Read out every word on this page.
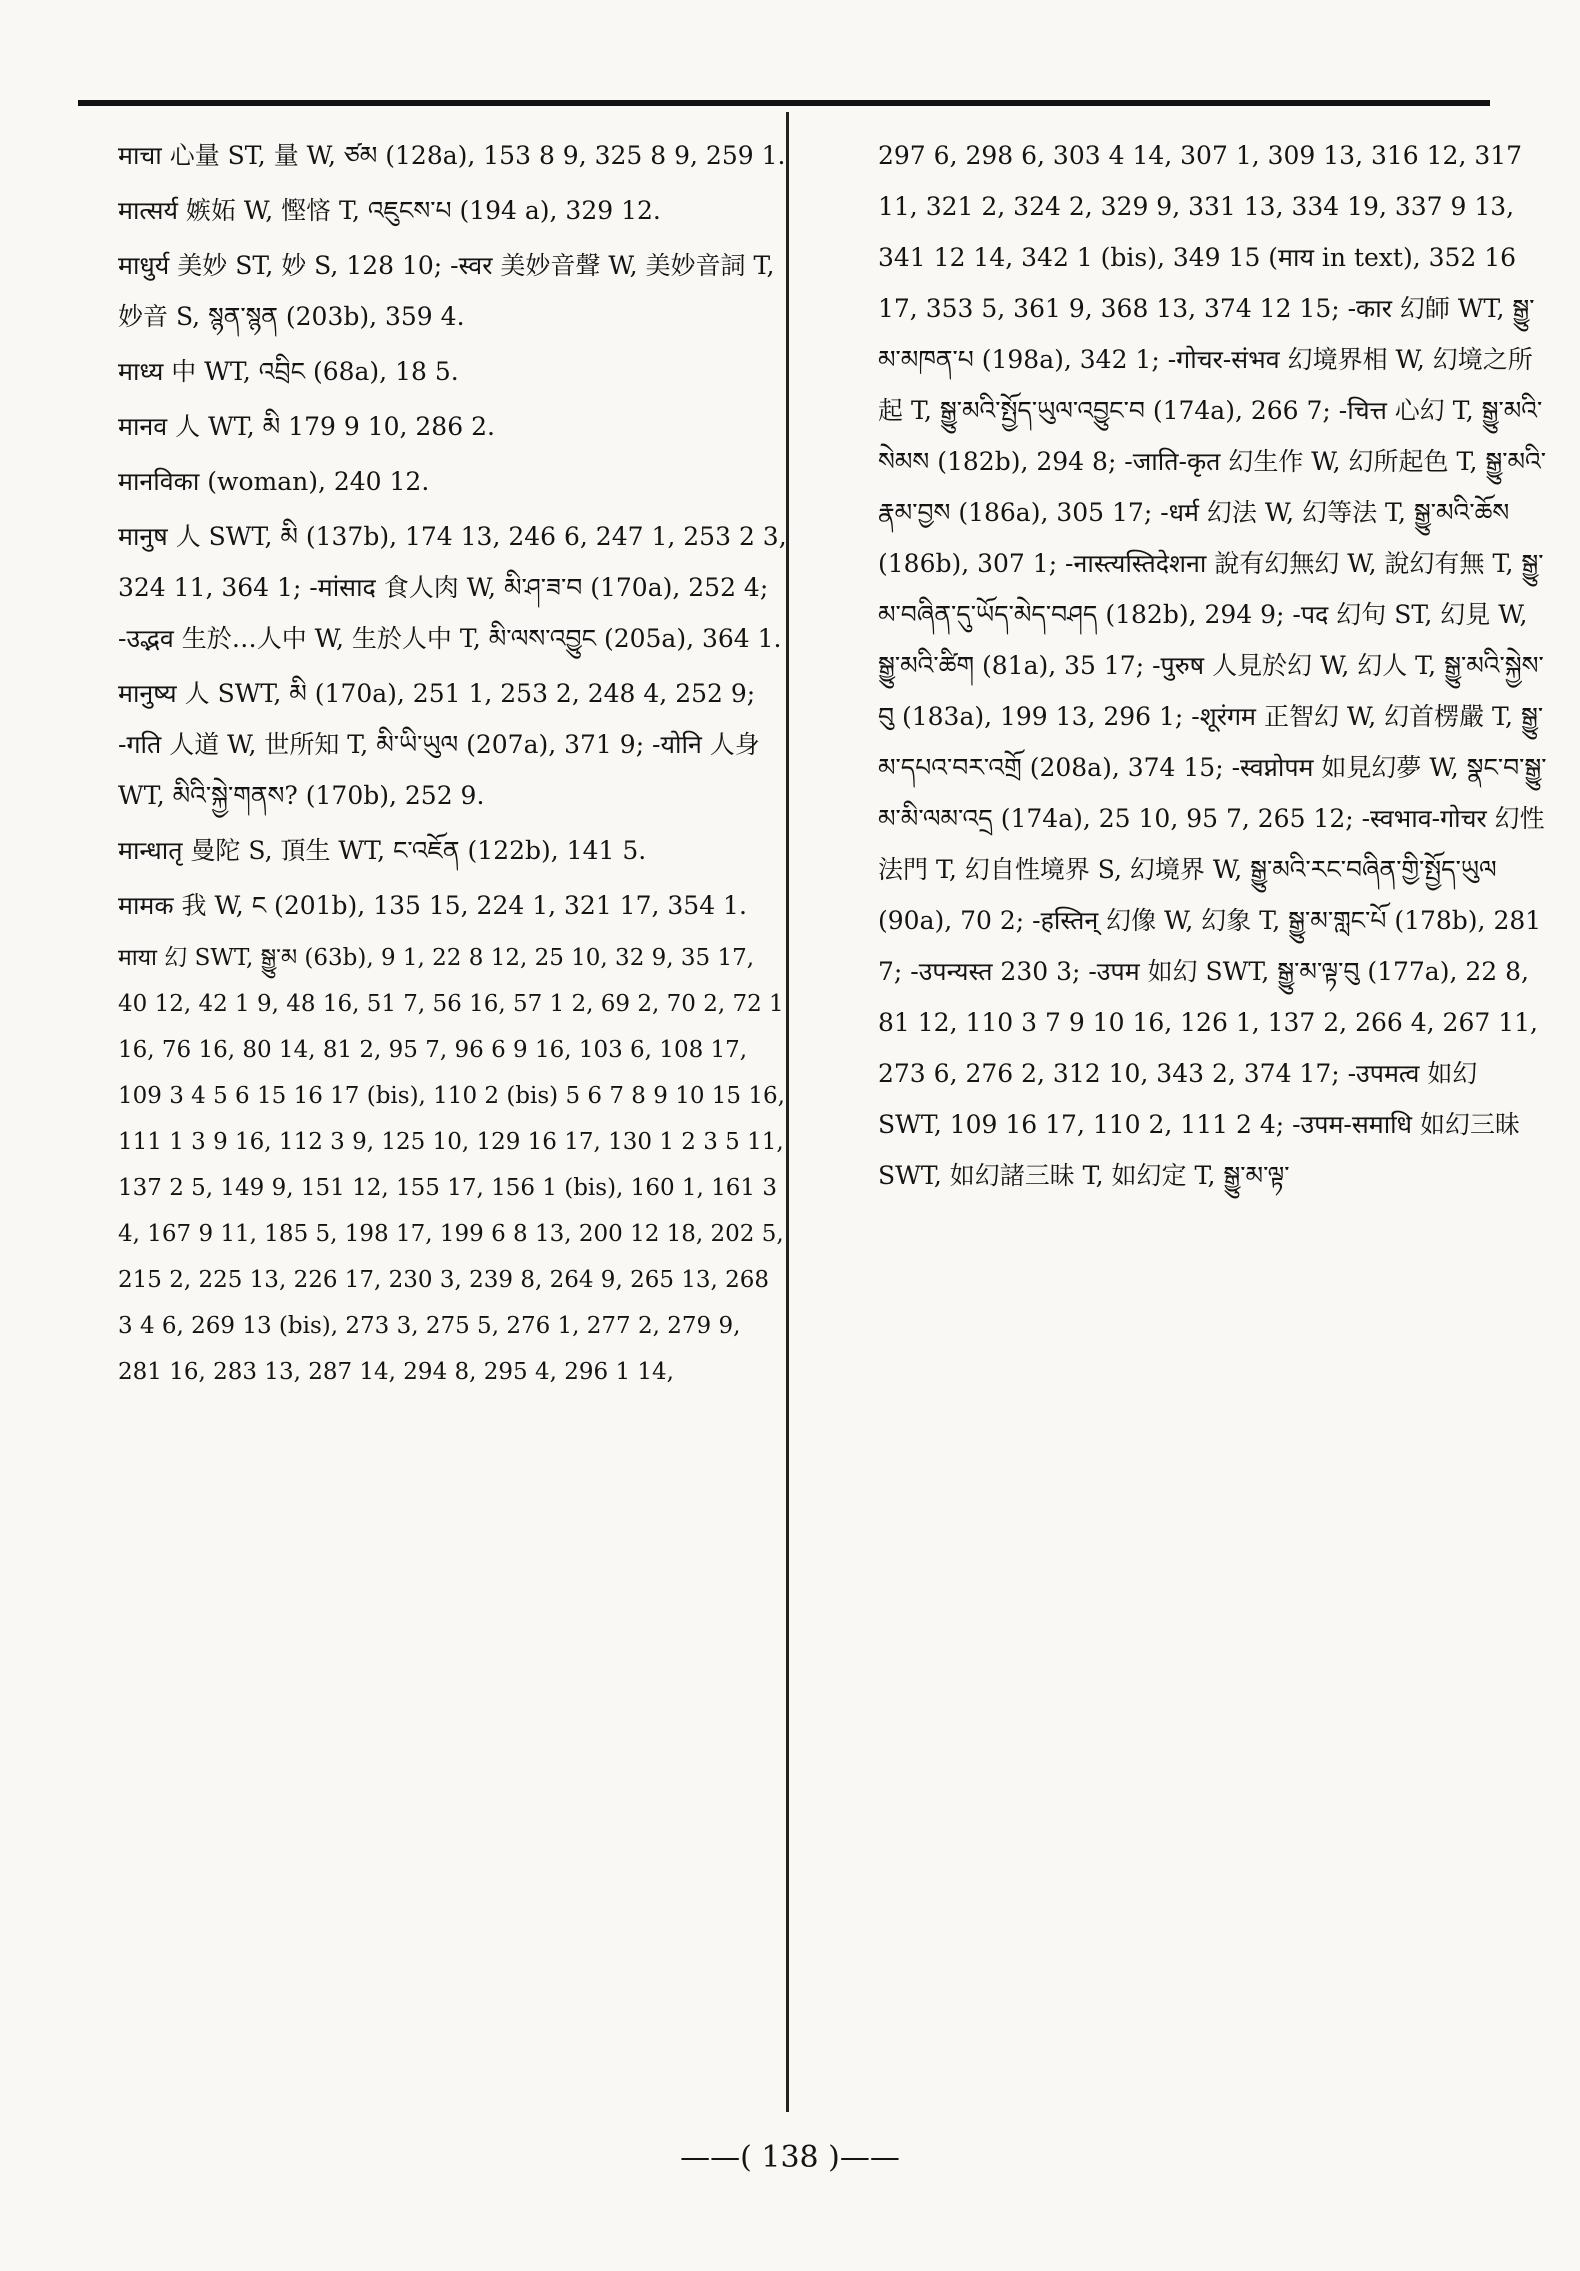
माचा 心量 ST, 量 W, ཙམ (128a), 153 8 9, 325 8 9, 259 1.
मात्सर्य 嫉妬 W, 慳悋 T, འཇུངས་པ (194 a), 329 12.
माधुर्य 美妙 ST, 妙 S, 128 10; -स्वर 美妙音聲 W, 美妙音詞 T, 妙音 S, སྙན་སྙན (203b), 359 4.
माध्य 中 WT, འབྲིང (68a), 18 5.
मानव 人 WT, མི 179 9 10, 286 2.
मानविका (woman), 240 12.
मानुष 人 SWT, མི (137b), 174 13, 246 6, 247 1, 253 2 3, 324 11, 364 1; -मांसाद 食人肉 W, མི་ཤ་ཟ་བ (170a), 252 4; -उद्भव 生於…人中 W, 生於人中 T, མི་ལས་འབྱུང (205a), 364 1.
मानुष्य 人 SWT, མི (170a), 251 1, 253 2, 248 4, 252 9; -गति 人道 W, 世所知 T, མི་ཡི་ཡུལ (207a), 371 9; -योनि 人身 WT, མིའི་སྐྱེ་གནས? (170b), 252 9.
मान्धातृ 曼陀 S, 頂生 WT, ང་འཇོན (122b), 141 5.
मामक 我 W, ང (201b), 135 15, 224 1, 321 17, 354 1.
माया 幻 SWT, སྒྱུ་མ (63b), 9 1, 22 8 12, 25 10, 32 9, 35 17, 40 12, 42 1 9, 48 16, 51 7, 56 16, 57 1 2, 69 2, 70 2, 72 1 16, 76 16, 80 14, 81 2, 95 7, 96 6 9 16, 103 6, 108 17, 109 3 4 5 6 15 16 17 (bis), 110 2 (bis) 5 6 7 8 9 10 15 16, 111 1 3 9 16, 112 3 9, 125 10, 129 16 17, 130 1 2 3 5 11, 137 2 5, 149 9, 151 12, 155 17, 156 1 (bis), 160 1, 161 3 4, 167 9 11, 185 5, 198 17, 199 6 8 13, 200 12 18, 202 5, 215 2, 225 13, 226 17, 230 3, 239 8, 264 9, 265 13, 268 3 4 6, 269 13 (bis), 273 3, 275 5, 276 1, 277 2, 279 9, 281 16, 283 13, 287 14, 294 8, 295 4, 296 1 14,
297 6, 298 6, 303 4 14, 307 1, 309 13, 316 12, 317 11, 321 2, 324 2, 329 9, 331 13, 334 19, 337 9 13, 341 12 14, 342 1 (bis), 349 15 (माय in text), 352 16 17, 353 5, 361 9, 368 13, 374 12 15; -कार 幻師 WT, སྒྱུ་མ་མཁན་པ (198a), 342 1; -गोचर-संभव 幻境界相 W, 幻境之所起 T, སྒྱུ་མའི་སྤྱོད་ཡུལ་འབྱུང་བ (174a), 266 7; -चित्त 心幻 T, སྒྱུ་མའི་སེམས (182b), 294 8; -जाति-कृत 幻生作 W, 幻所起色 T, སྒྱུ་མའི་རྣམ་བྱས (186a), 305 17; -धर्म 幻法 W, 幻等法 T, སྒྱུ་མའི་ཆོས (186b), 307 1; -नास्त्यस्तिदेशना 說有幻無幻 W, 說幻有無 T, སྒྱུ་མ་བཞིན་དུ་ཡོད་མེད་བཤད (182b), 294 9; -पद 幻句 ST, 幻見 W, སྒྱུ་མའི་ཚིག (81a), 35 17; -पुरुष 人見於幻 W, 幻人 T, སྒྱུ་མའི་སྐྱེས་བུ (183a), 199 13, 296 1; -शूरंगम 正智幻 W, 幻首楞嚴 T, སྒྱུ་མ་དཔའ་བར་འགྲོ (208a), 374 15; -स्वप्नोपम 如見幻夢 W, སྣང་བ་སྒྱུ་མ་མི་ལམ་འདྲ (174a), 25 10, 95 7, 265 12; -स्वभाव-गोचर 幻性法門 T, 幻自性境界 S, 幻境界 W, སྒྱུ་མའི་རང་བཞིན་གྱི་སྤྱོད་ཡུལ (90a), 70 2; -हस्तिन् 幻像 W, 幻象 T, སྒྱུ་མ་གླང་པོ (178b), 281 7; -उपन्यस्त 230 3; -उपम 如幻 SWT, སྒྱུ་མ་ལྟ་བུ (177a), 22 8, 81 12, 110 3 7 9 10 16, 126 1, 137 2, 266 4, 267 11, 273 6, 276 2, 312 10, 343 2, 374 17; -उपमत्व 如幻 SWT, 109 16 17, 110 2, 111 2 4; -उपम-समाधि 如幻三昧 SWT, 如幻諸三昧 T, 如幻定 T, སྒྱུ་མ་ལྟ་
——( 138 )——
